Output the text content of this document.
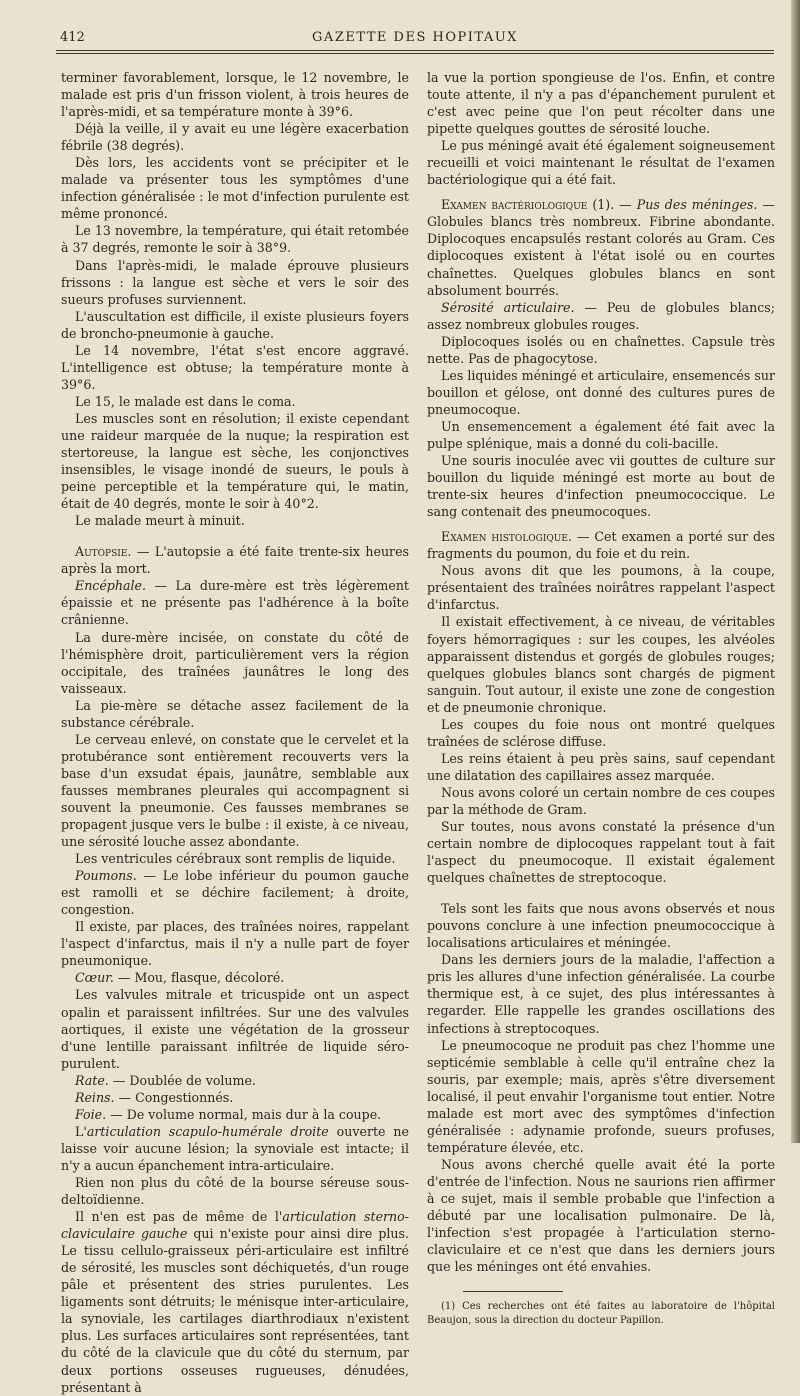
412	GAZETTE DES HOPITAUX

terminer favorablement, lorsque, le 12 novembre, le malade est pris d'un frisson violent, à trois heures de l'après-midi, et sa température monte à 39°6.

Déjà la veille, il y avait eu une légère exacerbation fébrile (38 degrés).

Dès lors, les accidents vont se précipiter et le malade va présenter tous les symptômes d'une infection généralisée : le mot d'infection purulente est même prononcé.

Le 13 novembre, la température, qui était retombée à 37 degrés, remonte le soir à 38°9.

Dans l'après-midi, le malade éprouve plusieurs frissons : la langue est sèche et vers le soir des sueurs profuses surviennent.

L'auscultation est difficile, il existe plusieurs foyers de broncho-pneumonie à gauche.

Le 14 novembre, l'état s'est encore aggravé. L'intelligence est obtuse; la température monte à 39°6.

Le 15, le malade est dans le coma.

Les muscles sont en résolution; il existe cependant une raideur marquée de la nuque; la respiration est stertoreuse, la langue est sèche, les conjonctives insensibles, le visage inondé de sueurs, le pouls à peine perceptible et la température qui, le matin, était de 40 degrés, monte le soir à 40°2.

Le malade meurt à minuit.

Autopsie. — L'autopsie a été faite trente-six heures après la mort.

Encéphale. — La dure-mère est très légèrement épaissie et ne présente pas l'adhérence à la boîte crânienne.

La dure-mère incisée, on constate du côté de l'hémisphère droit, particulièrement vers la région occipitale, des traînées jaunâtres le long des vaisseaux.

La pie-mère se détache assez facilement de la substance cérébrale.

Le cerveau enlevé, on constate que le cervelet et la protubérance sont entièrement recouverts vers la base d'un exsudat épais, jaunâtre, semblable aux fausses membranes pleurales qui accompagnent si souvent la pneumonie. Ces fausses membranes se propagent jusque vers le bulbe : il existe, à ce niveau, une sérosité louche assez abondante.

Les ventricules cérébraux sont remplis de liquide.

Poumons. — Le lobe inférieur du poumon gauche est ramolli et se déchire facilement; à droite, congestion.

Il existe, par places, des traînées noires, rappelant l'aspect d'infarctus, mais il n'y a nulle part de foyer pneumonique.

Cœur. — Mou, flasque, décoloré.

Les valvules mitrale et tricuspide ont un aspect opalin et paraissent infiltrées. Sur une des valvules aortiques, il existe une végétation de la grosseur d'une lentille paraissant infiltrée de liquide séro-purulent.

Rate. — Doublée de volume.

Reins. — Congestionnés.

Foie. — De volume normal, mais dur à la coupe.

L'articulation scapulo-humérale droite ouverte ne laisse voir aucune lésion; la synoviale est intacte; il n'y a aucun épanchement intra-articulaire.

Rien non plus du côté de la bourse séreuse sous-deltoïdienne.

Il n'en est pas de même de l'articulation sterno-claviculaire gauche qui n'existe pour ainsi dire plus. Le tissu cellulo-graisseux péri-articulaire est infiltré de sérosité, les muscles sont déchiquetés, d'un rouge pâle et présentent des stries purulentes. Les ligaments sont détruits; le ménisque inter-articulaire, la synoviale, les cartilages diarthrodiaux n'existent plus. Les surfaces articulaires sont représentées, tant du côté de la clavicule que du côté du sternum, par deux portions osseuses rugueuses, dénudées, présentant à

la vue la portion spongieuse de l'os. Enfin, et contre toute attente, il n'y a pas d'épanchement purulent et c'est avec peine que l'on peut récolter dans une pipette quelques gouttes de sérosité louche.

Le pus méningé avait été également soigneusement recueilli et voici maintenant le résultat de l'examen bactériologique qui a été fait.

Examen bactériologique (1). — Pus des méninges. — Globules blancs très nombreux. Fibrine abondante. Diplocoques encapsulés restant colorés au Gram. Ces diplocoques existent à l'état isolé ou en courtes chaînettes. Quelques globules blancs en sont absolument bourrés.

Sérosité articulaire. — Peu de globules blancs; assez nombreux globules rouges.

Diplocoques isolés ou en chaînettes. Capsule très nette. Pas de phagocytose.

Les liquides méningé et articulaire, ensemencés sur bouillon et gélose, ont donné des cultures pures de pneumocoque.

Un ensemencement a également été fait avec la pulpe splénique, mais a donné du coli-bacille.

Une souris inoculée avec vii gouttes de culture sur bouillon du liquide méningé est morte au bout de trente-six heures d'infection pneumococcique. Le sang contenait des pneumocoques.

Examen histologique. — Cet examen a porté sur des fragments du poumon, du foie et du rein.

Nous avons dit que les poumons, à la coupe, présentaient des traînées noirâtres rappelant l'aspect d'infarctus.

Il existait effectivement, à ce niveau, de véritables foyers hémorragiques : sur les coupes, les alvéoles apparaissent distendus et gorgés de globules rouges; quelques globules blancs sont chargés de pigment sanguin. Tout autour, il existe une zone de congestion et de pneumonie chronique.

Les coupes du foie nous ont montré quelques traînées de sclérose diffuse.

Les reins étaient à peu près sains, sauf cependant une dilatation des capillaires assez marquée.

Nous avons coloré un certain nombre de ces coupes par la méthode de Gram.

Sur toutes, nous avons constaté la présence d'un certain nombre de diplocoques rappelant tout à fait l'aspect du pneumocoque. Il existait également quelques chaînettes de streptocoque.

Tels sont les faits que nous avons observés et nous pouvons conclure à une infection pneumococcique à localisations articulaires et méningée.

Dans les derniers jours de la maladie, l'affection a pris les allures d'une infection généralisée. La courbe thermique est, à ce sujet, des plus intéressantes à regarder. Elle rappelle les grandes oscillations des infections à streptocoques.

Le pneumocoque ne produit pas chez l'homme une septicémie semblable à celle qu'il entraîne chez la souris, par exemple; mais, après s'être diversement localisé, il peut envahir l'organisme tout entier. Notre malade est mort avec des symptômes d'infection généralisée : adynamie profonde, sueurs profuses, température élevée, etc.

Nous avons cherché quelle avait été la porte d'entrée de l'infection. Nous ne saurions rien affirmer à ce sujet, mais il semble probable que l'infection a débuté par une localisation pulmonaire. De là, l'infection s'est propagée à l'articulation sterno-claviculaire et ce n'est que dans les derniers jours que les méninges ont été envahies.

(1) Ces recherches ont été faites au laboratoire de l'hôpital Beaujon, sous la direction du docteur Papillon.
